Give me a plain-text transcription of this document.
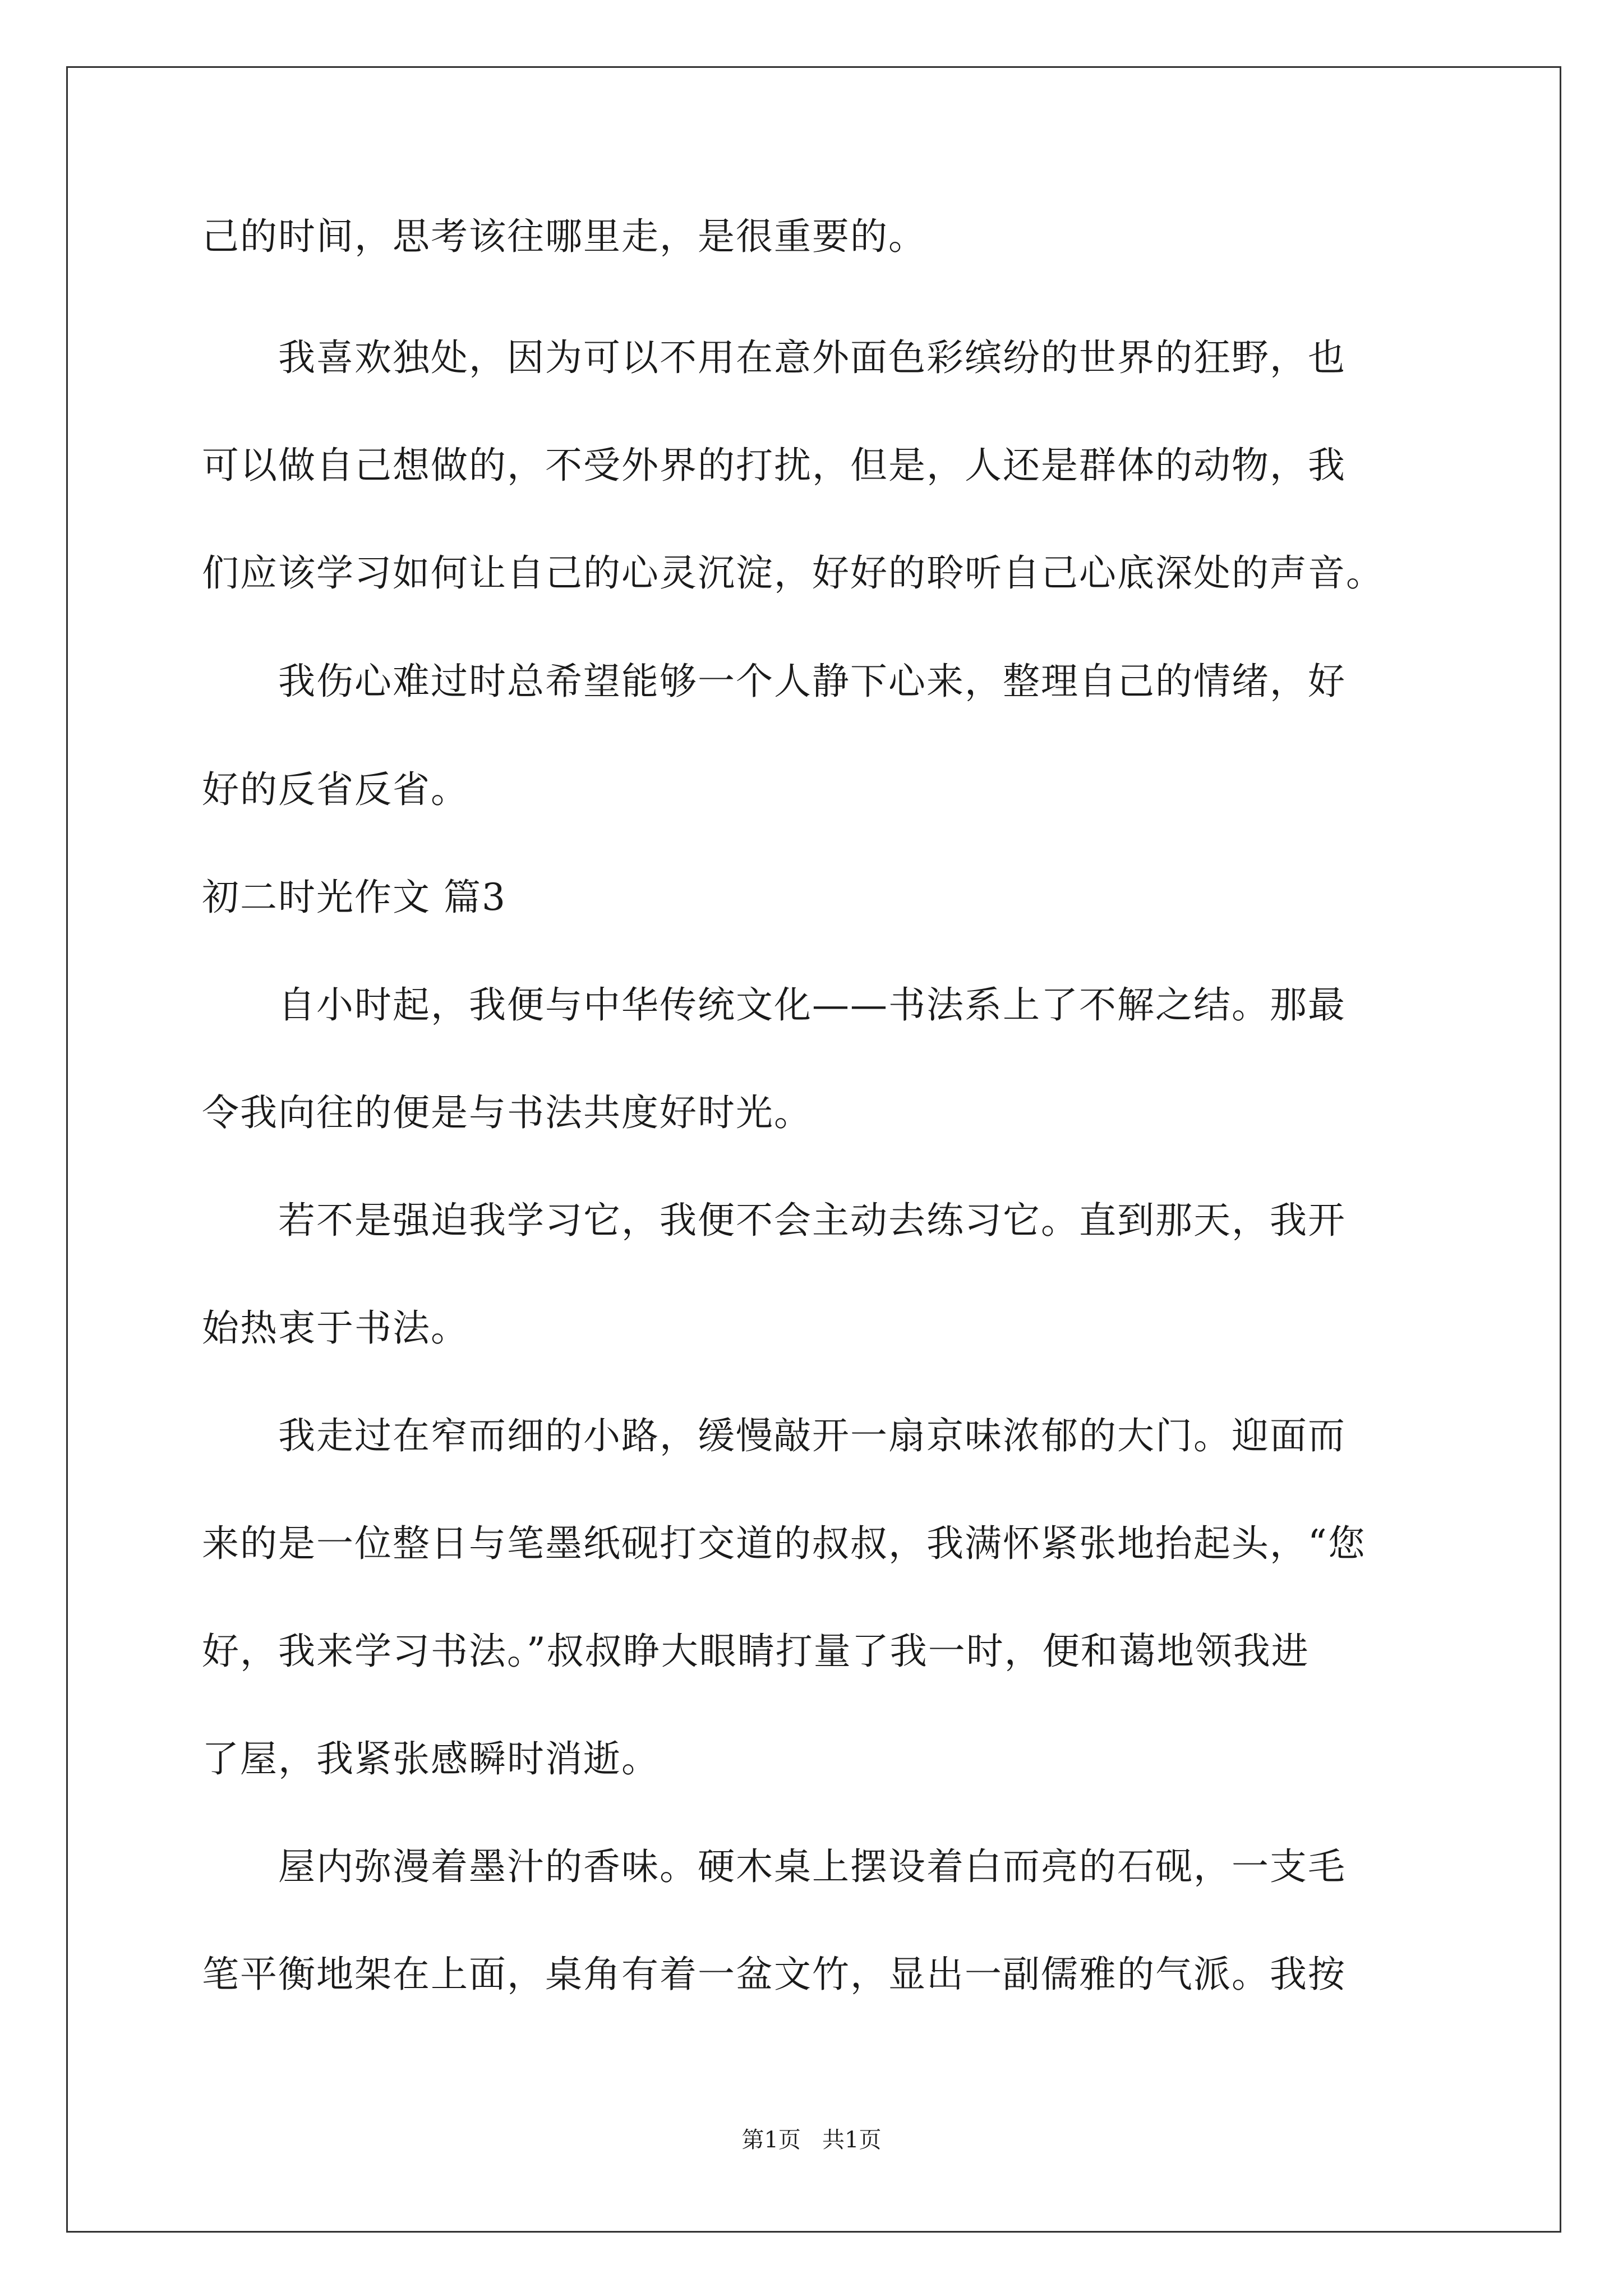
己的时间，思考该往哪里走，是很重要的。
　　我喜欢独处，因为可以不用在意外面色彩缤纷的世界的狂野，也
可以做自己想做的，不受外界的打扰，但是，人还是群体的动物，我
们应该学习如何让自己的心灵沉淀，好好的聆听自己心底深处的声音。
　　我伤心难过时总希望能够一个人静下心来，整理自己的情绪，好
好的反省反省。
初二时光作文 篇3
　　自小时起，我便与中华传统文化——书法系上了不解之结。那最
令我向往的便是与书法共度好时光。
　　若不是强迫我学习它，我便不会主动去练习它。直到那天，我开
始热衷于书法。
　　我走过在窄而细的小路，缓慢敲开一扇京味浓郁的大门。迎面而
来的是一位整日与笔墨纸砚打交道的叔叔，我满怀紧张地抬起头，“您
好，我来学习书法。”叔叔睁大眼睛打量了我一时，便和蔼地领我进
了屋，我紧张感瞬时消逝。
　　屋内弥漫着墨汁的香味。硬木桌上摆设着白而亮的石砚，一支毛
笔平衡地架在上面，桌角有着一盆文竹，显出一副儒雅的气派。我按
第1页   共1页
